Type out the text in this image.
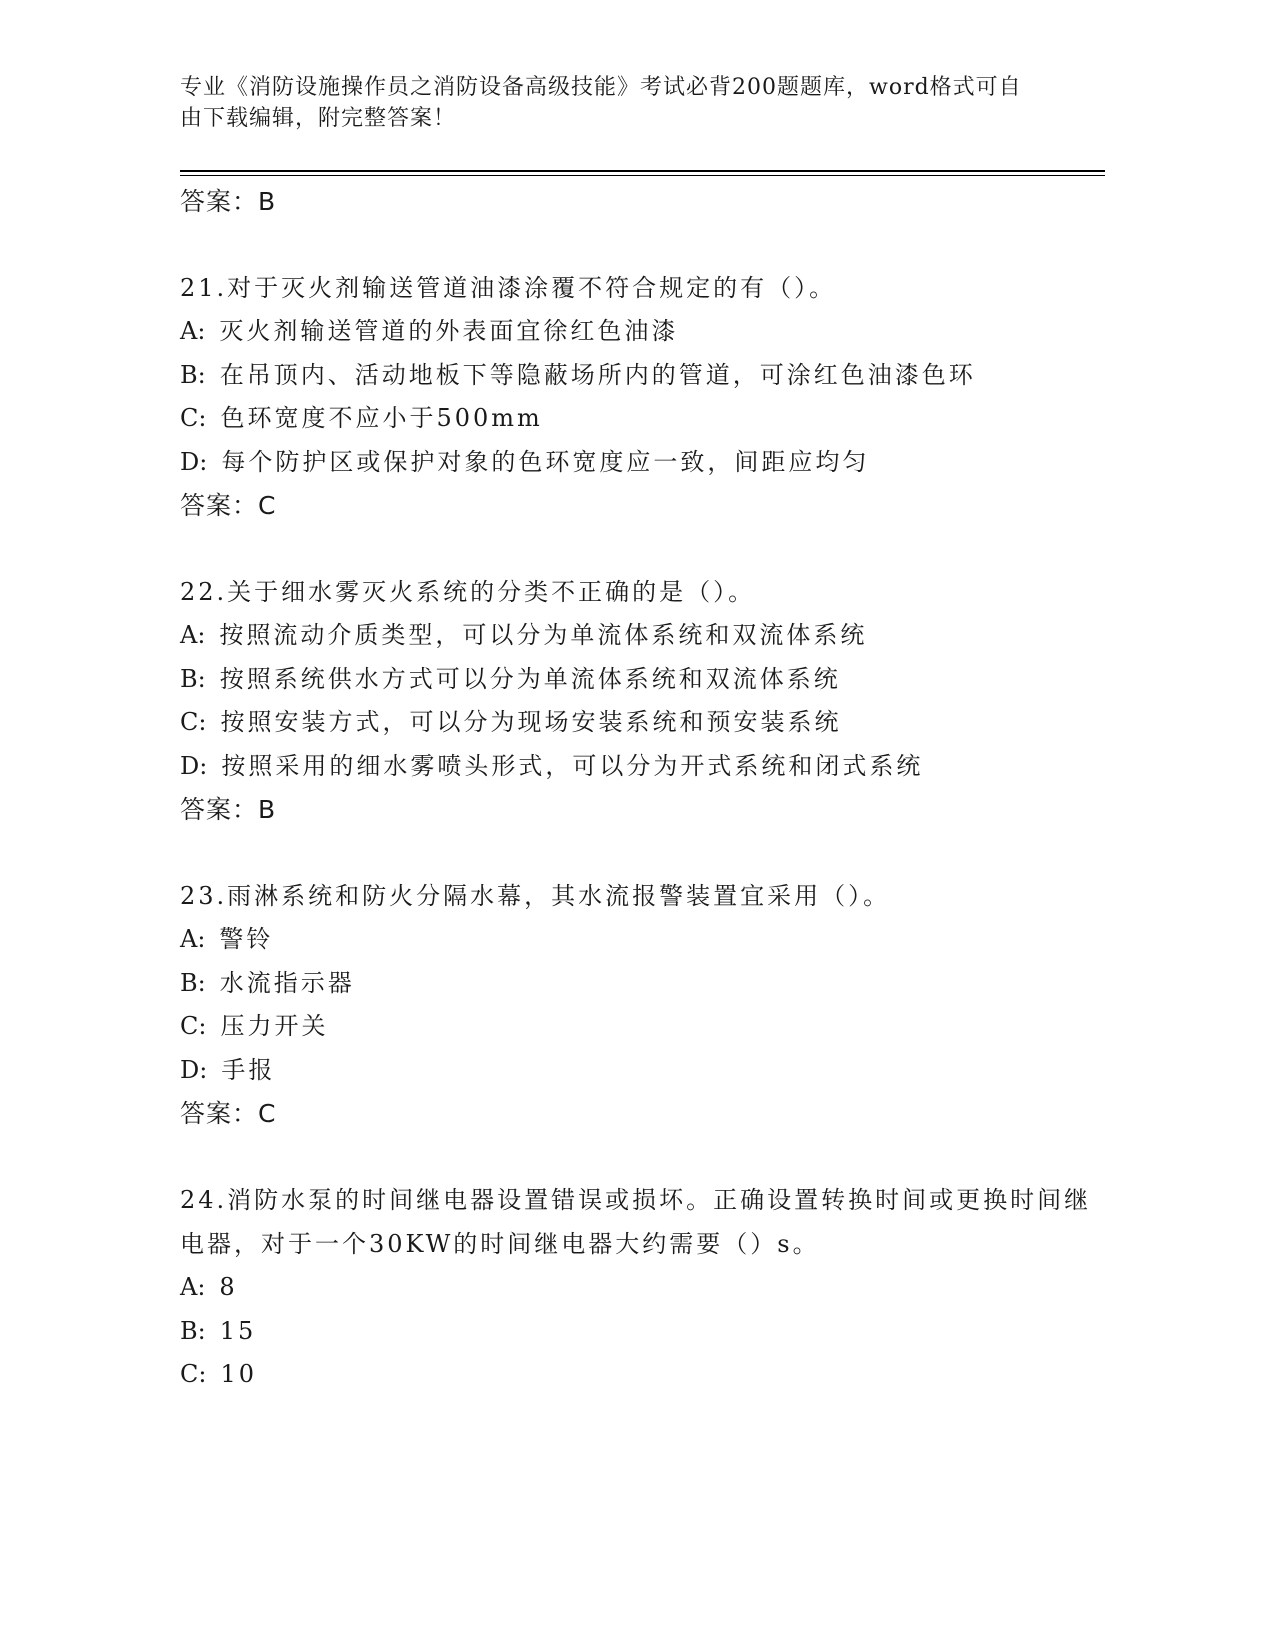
专业《消防设施操作员之消防设备高级技能》考试必背200题题库，word格式可自由下载编辑，附完整答案！
答案：B
21.对于灭火剂输送管道油漆涂覆不符合规定的有（）。
A: 灭火剂输送管道的外表面宜徐红色油漆
B: 在吊顶内、活动地板下等隐蔽场所内的管道，可涂红色油漆色环
C: 色环宽度不应小于500mm
D: 每个防护区或保护对象的色环宽度应一致，间距应均匀
答案：C
22.关于细水雾灭火系统的分类不正确的是（）。
A: 按照流动介质类型，可以分为单流体系统和双流体系统
B: 按照系统供水方式可以分为单流体系统和双流体系统
C: 按照安装方式，可以分为现场安装系统和预安装系统
D: 按照采用的细水雾喷头形式，可以分为开式系统和闭式系统
答案：B
23.雨淋系统和防火分隔水幕，其水流报警装置宜采用（）。
A: 警铃
B: 水流指示器
C: 压力开关
D: 手报
答案：C
24.消防水泵的时间继电器设置错误或损坏。正确设置转换时间或更换时间继电器，对于一个30KW的时间继电器大约需要（）s。
A: 8
B: 15
C: 10
